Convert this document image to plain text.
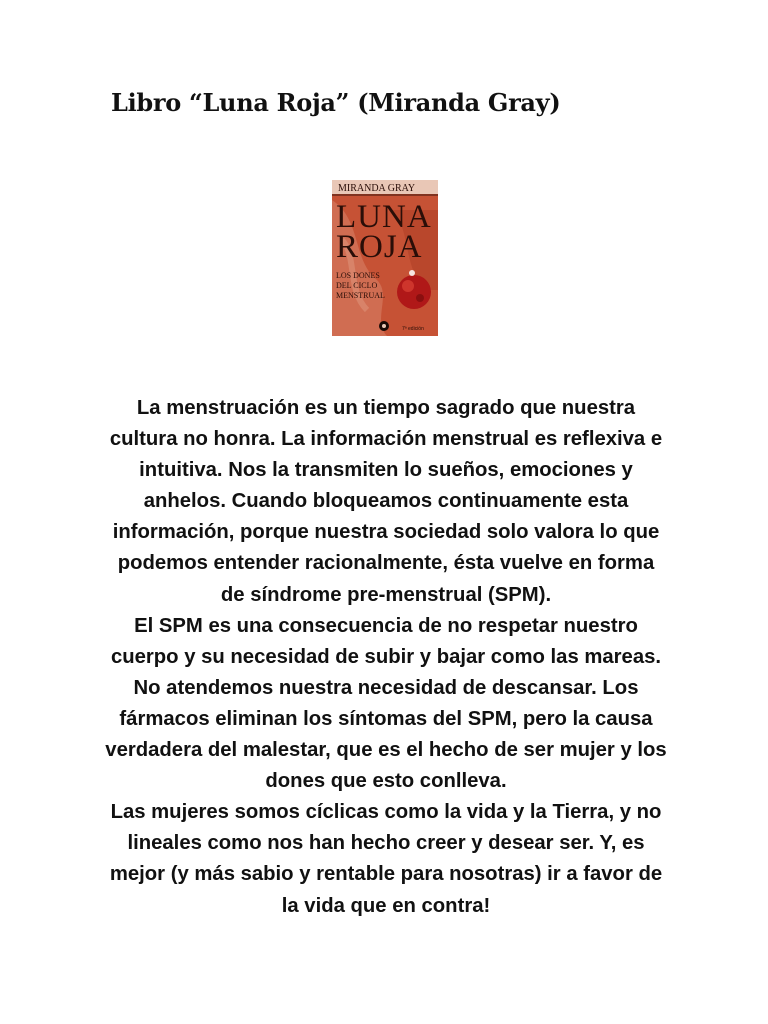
Libro “Luna Roja” (Miranda Gray)
MIRANDA GRAY
LUNA
ROJA
LOS DONES
DEL CICLO
MENSTRUAL
7ª edición

La menstruación es un tiempo sagrado que nuestra cultura no honra. La información menstrual es reflexiva e intuitiva. Nos la transmiten lo sueños, emociones y anhelos. Cuando bloqueamos continuamente esta información, porque nuestra sociedad solo valora lo que podemos entender racionalmente, ésta vuelve en forma de síndrome pre-menstrual (SPM).

El SPM es una consecuencia de no respetar nuestro cuerpo y su necesidad de subir y bajar como las mareas.

No atendemos nuestra necesidad de descansar. Los fármacos eliminan los síntomas del SPM, pero la causa verdadera del malestar, que es el hecho de ser mujer y los dones que esto conlleva.

Las mujeres somos cíclicas como la vida y la Tierra, y no lineales como nos han hecho creer y desear ser. Y, es mejor (y más sabio y rentable para nosotras) ir a favor de la vida que en contra!
